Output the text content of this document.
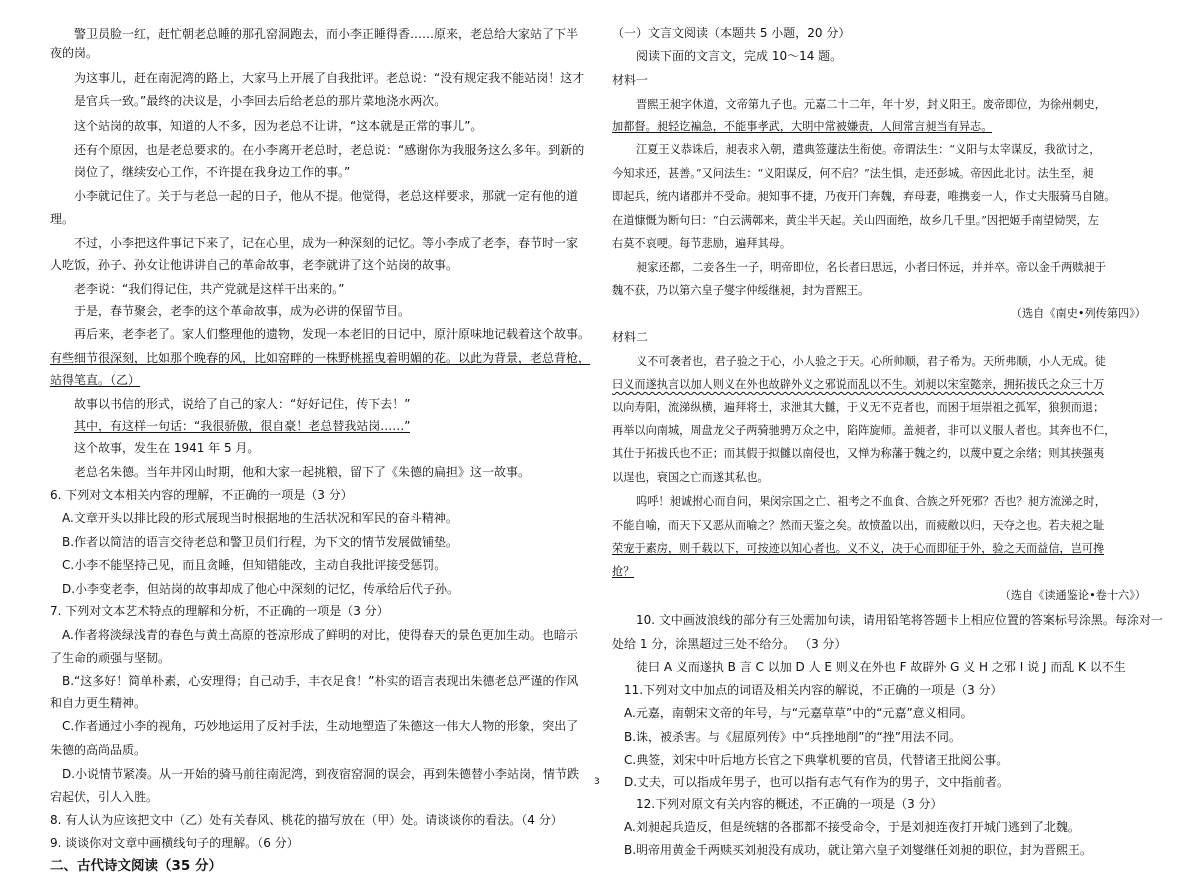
警卫员脸一红，赶忙朝老总睡的那孔窑洞跑去，而小李正睡得香……原来，老总给大家站了下半
夜的岗。
为这事儿，赶在南泥湾的路上，大家马上开展了自我批评。老总说：“没有规定我不能站岗！这才
是官兵一致。”最终的决议是，小李回去后给老总的那片菜地浇水两次。
这个站岗的故事，知道的人不多，因为老总不让讲，“这本就是正常的事儿”。
还有个原因，也是老总要求的。在小李离开老总时，老总说：“感谢你为我服务这么多年。到新的
岗位了，继续安心工作，不许提在我身边工作的事。”
小李就记住了。关于与老总一起的日子，他从不提。他觉得，老总这样要求，那就一定有他的道
理。
不过，小李把这件事记下来了，记在心里，成为一种深刻的记忆。等小李成了老李，春节时一家
人吃饭，孙子、孙女让他讲讲自己的革命故事，老李就讲了这个站岗的故事。
老李说：“我们得记住，共产党就是这样干出来的。”
于是，春节聚会，老李的这个革命故事，成为必讲的保留节目。
再后来，老李老了。家人们整理他的遗物，发现一本老旧的日记中，原汁原味地记载着这个故事。
有些细节很深刻，比如那个晚春的风，比如窑畔的一株野桃摇曳着明媚的花。以此为背景，老总背枪，
站得笔直。（乙）
故事以书信的形式，说给了自己的家人：“好好记住，传下去！”
其中，有这样一句话：“我很骄傲，很自豪！老总替我站岗……”
这个故事，发生在 1941 年 5 月。
老总名朱德。当年井冈山时期，他和大家一起挑粮，留下了《朱德的扁担》这一故事。
6. 下列对文本相关内容的理解，不正确的一项是（3 分）
A.文章开头以排比段的形式展现当时根据地的生活状况和军民的奋斗精神。
B.作者以简洁的语言交待老总和警卫员们行程，为下文的情节发展做铺垫。
C.小李不能坚持己见，而且贪睡，但知错能改，主动自我批评接受惩罚。
D.小李变老李，但站岗的故事却成了他心中深刻的记忆，传承给后代子孙。
7. 下列对文本艺术特点的理解和分析，不正确的一项是（3 分）
A.作者将淡绿浅青的春色与黄土高原的苍凉形成了鲜明的对比，使得春天的景色更加生动。也暗示
了生命的顽强与坚韧。
B.“这多好！简单朴素，心安理得；自己动手，丰衣足食！”朴实的语言表现出朱德老总严谨的作风
和自力更生精神。
C.作者通过小李的视角，巧妙地运用了反衬手法，生动地塑造了朱德这一伟大人物的形象，突出了
朱德的高尚品质。
D.小说情节紧凑。从一开始的骑马前往南泥湾，到夜宿窑洞的误会，再到朱德替小李站岗，情节跌
宕起伏，引人入胜。
8. 有人认为应该把文中（乙）处有关春风、桃花的描写放在（甲）处。请谈谈你的看法。（4 分）
9. 谈谈你对文章中画横线句子的理解。（6 分）
二、古代诗文阅读（35 分）
（一）文言文阅读（本题共 5 小题，20 分）
阅读下面的文言文，完成 10～14 题。
材料一
晋熙王昶字休道，文帝第九子也。元嘉二十二年，年十岁，封义阳王。废帝即位，为徐州刺史，
加都督。昶轻讫褊急，不能事孝武，大明中常被嫌责，人间常言昶当有异志。
江夏王义恭诛后，昶表求入朝，遣典签蘧法生衔使。帝谓法生：“义阳与太宰谋反，我欲讨之，
今知求还，甚善。”又问法生：“义阳谋反，何不启？”法生惧，走还彭城。帝因此北讨。法生至，昶
即起兵，统内诸郡并不受命。昶知事不捷，乃夜开门奔魏，弃母妻，唯携妾一人，作丈夫服骑马自随。
在道慷慨为断句曰：“白云满鄣来，黄尘半天起。关山四面绝，故乡几千里。”因把姬手南望恸哭，左
右莫不哀哽。每节悲励，遍拜其母。
昶家还都，二妾各生一子，明帝即位，名长者曰思远，小者曰怀远，并并卒。帝以金千两赎昶于
魏不获，乃以第六皇子燮字仲绥继昶，封为晋熙王。
（选自《南史•列传第四》）
材料二
义不可袭者也，君子验之于心，小人验之于天。心所帅顺，君子希为。天所弗顺，小人无成。徒
曰义而遂执言以加人则义在外也故辟外义之邪说而乱以不生。刘昶以宋室懿亲，拥拓拔氏之众三十万
以向寿阳，流涕纵横，遍拜将士，求泄其大雠，于义无不克者也，而困于垣崇祖之孤军，狼狈而退；
再举以向南城，周盘龙父子两骑驰骋万众之中，陷阵旋师。盖昶者，非可以义服人者也。其奔也不仁，
其仕于拓拔氏也不正；而其假于拟雠以南侵也，又惮为称藩于魏之约，以蔑中夏之余绪；则其挟强夷
以逞也，衰国之亡而遂其私也。
呜呼！昶诚拊心而自问，果闵宗国之亡、祖考之不血食、合族之歼死邪？否也？昶方流涕之时，
不能自喻，而天下又恶从而喻之？然而天鉴之矣。故愤盈以出，而疲敝以归，天夺之也。若夫昶之耻
荣宠于素房，则千载以下，可按迹以知心者也。义不义，决于心而即征于外，验之天而益信，岂可搀
抢？
（选自《读通鉴论•卷十六》）
10. 文中画波浪线的部分有三处需加句读，请用铅笔将答题卡上相应位置的答案标号涂黑。每涂对一
处给 1 分，涂黑超过三处不给分。 （3 分）
徒曰 A 义而遂执 B 言 C 以加 D 人 E 则义在外也 F 故辟外 G 义 H 之邪 I 说 J 而乱 K 以不生
11.下列对文中加点的词语及相关内容的解说，不正确的一项是（3 分）
A.元嘉，南朝宋文帝的年号，与“元嘉草草”中的“元嘉”意义相同。
B.诛，被杀害。与《屈原列传》中“兵挫地削”的“挫”用法不同。
C.典签，刘宋中叶后地方长官之下典掌机要的官员，代替诸王批阅公事。
D.丈夫，可以指成年男子，也可以指有志气有作为的男子，文中指前者。
12.下列对原文有关内容的概述，不正确的一项是（3 分）
A.刘昶起兵造反，但是统辖的各郡都不接受命令，于是刘昶连夜打开城门逃到了北魏。
B.明帝用黄金千两赎买刘昶没有成功，就让第六皇子刘燮继任刘昶的职位，封为晋熙王。
3
